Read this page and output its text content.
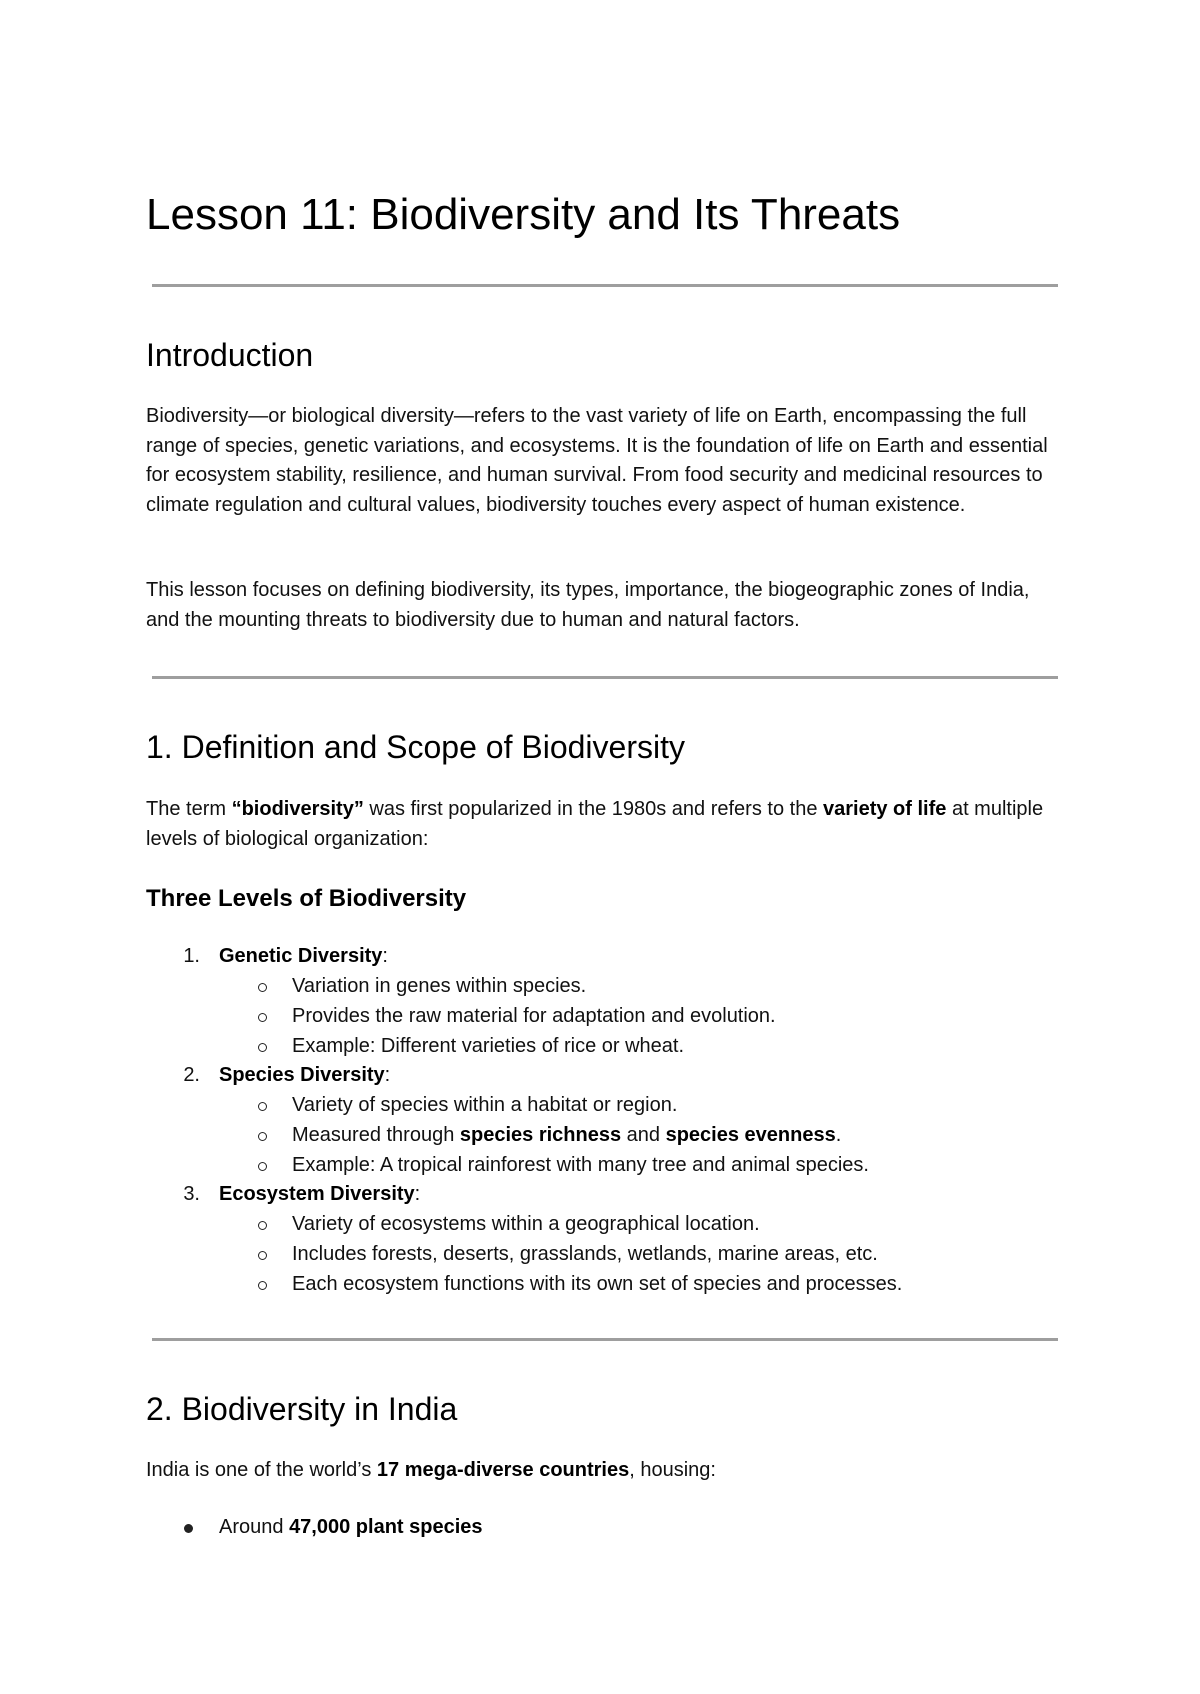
Lesson 11: Biodiversity and Its Threats
Introduction

Biodiversity—or biological diversity—refers to the vast variety of life on Earth, encompassing the full range of species, genetic variations, and ecosystems. It is the foundation of life on Earth and essential for ecosystem stability, resilience, and human survival. From food security and medicinal resources to climate regulation and cultural values, biodiversity touches every aspect of human existence.

This lesson focuses on defining biodiversity, its types, importance, the biogeographic zones of India, and the mounting threats to biodiversity due to human and natural factors.

1. Definition and Scope of Biodiversity

The term “biodiversity” was first popularized in the 1980s and refers to the variety of life at multiple levels of biological organization:

Three Levels of Biodiversity
1. Genetic Diversity:

Variation in genes within species.

Provides the raw material for adaptation and evolution.

Example: Different varieties of rice or wheat.

2. Species Diversity:

Variety of species within a habitat or region.

Measured through species richness and species evenness.

Example: A tropical rainforest with many tree and animal species.

3. Ecosystem Diversity:

Variety of ecosystems within a geographical location.

Includes forests, deserts, grasslands, wetlands, marine areas, etc.

Each ecosystem functions with its own set of species and processes.

2. Biodiversity in India

India is one of the world’s 17 mega-diverse countries, housing:

Around 47,000 plant species
